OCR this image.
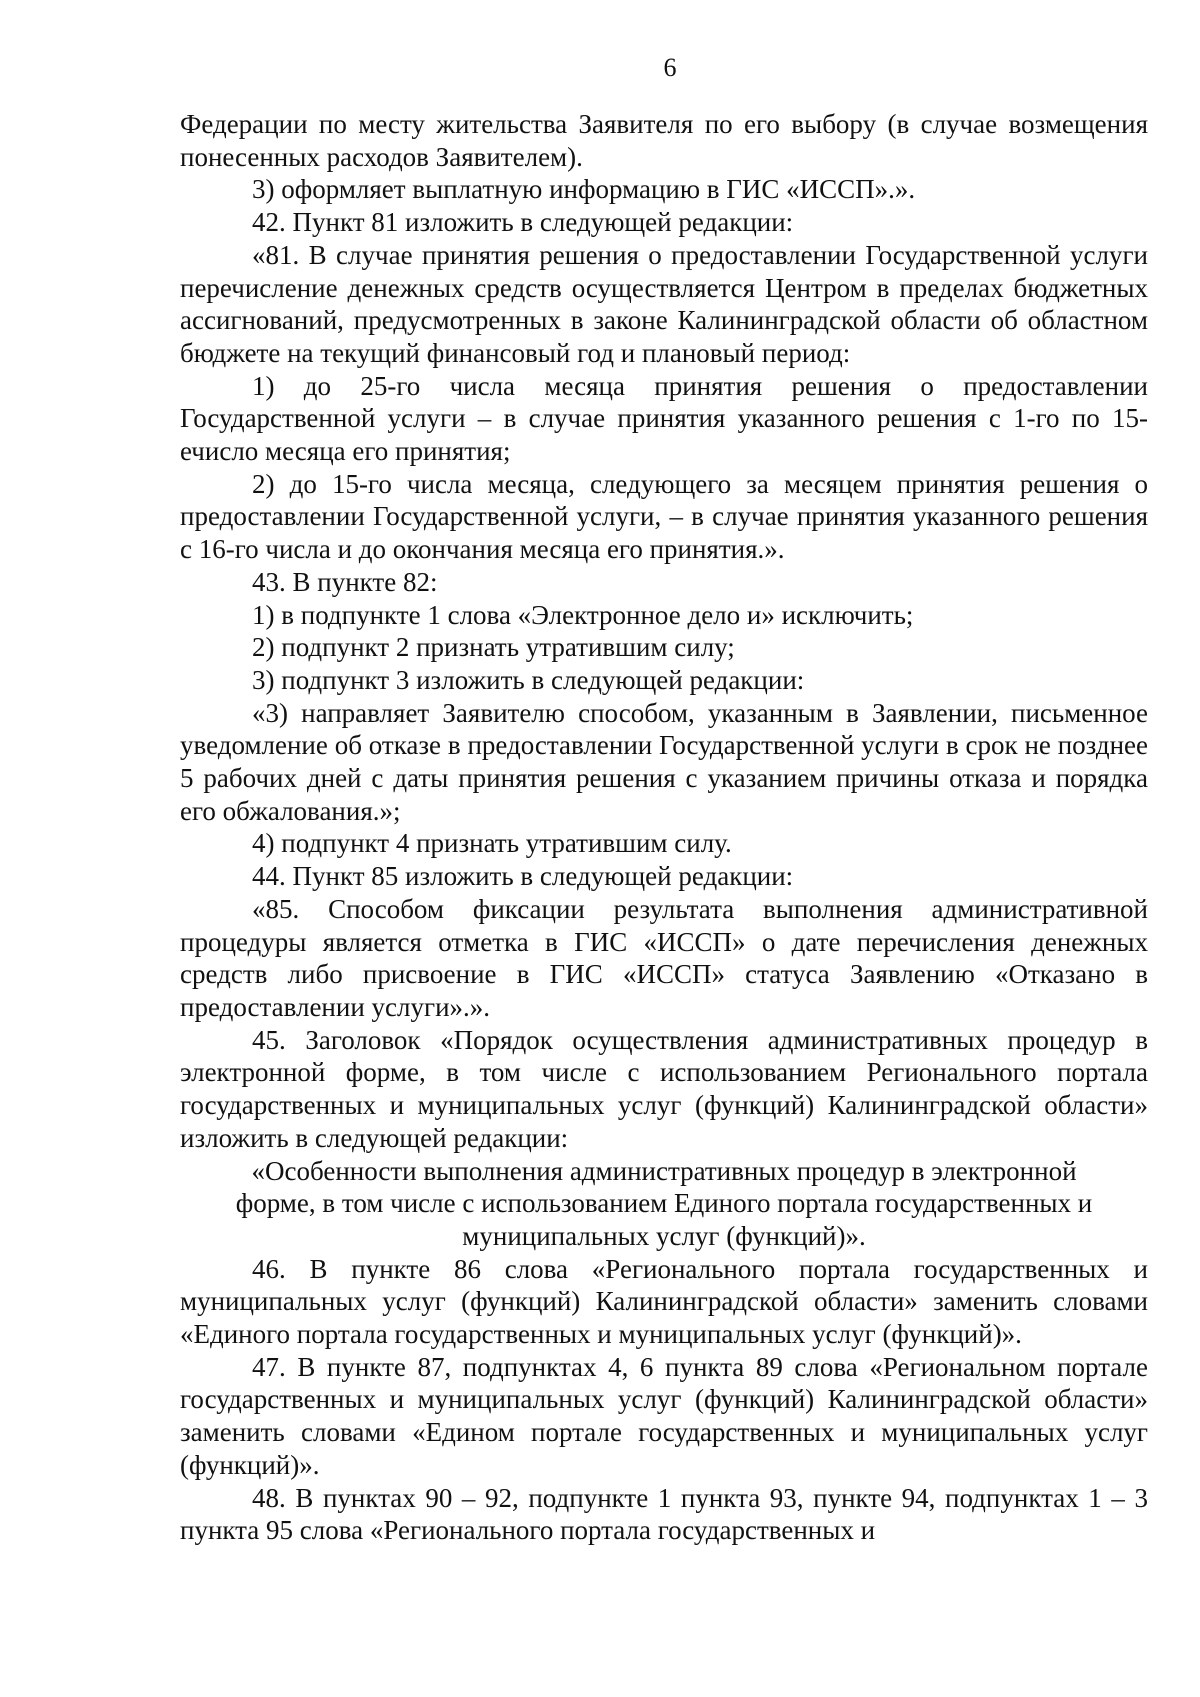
6

Федерации по месту жительства Заявителя по его выбору (в случае возмещения понесенных расходов Заявителем).

3) оформляет выплатную информацию в ГИС «ИССП».».

42. Пункт 81 изложить в следующей редакции:

«81. В случае принятия решения о предоставлении Государственной услуги перечисление денежных средств осуществляется Центром в пределах бюджетных ассигнований, предусмотренных в законе Калининградской области об областном бюджете на текущий финансовый год и плановый период:

1) до 25-го числа месяца принятия решения о предоставлении Государственной услуги – в случае принятия указанного решения с 1-го по 15-ечисло месяца его принятия;

2) до 15-го числа месяца, следующего за месяцем принятия решения о предоставлении Государственной услуги, – в случае принятия указанного решения с 16-го числа и до окончания месяца его принятия.».

43. В пункте 82:

1) в подпункте 1 слова «Электронное дело и» исключить;

2) подпункт 2 признать утратившим силу;

3) подпункт 3 изложить в следующей редакции:

«3) направляет Заявителю способом, указанным в Заявлении, письменное уведомление об отказе в предоставлении Государственной услуги в срок не позднее 5 рабочих дней с даты принятия решения с указанием причины отказа и порядка его обжалования.»;

4) подпункт 4 признать утратившим силу.

44. Пункт 85 изложить в следующей редакции:

«85. Способом фиксации результата выполнения административной процедуры является отметка в ГИС «ИССП» о дате перечисления денежных средств либо присвоение в ГИС «ИССП» статуса Заявлению «Отказано в предоставлении услуги».».

45. Заголовок «Порядок осуществления административных процедур в электронной форме, в том числе с использованием Регионального портала государственных и муниципальных услуг (функций) Калининградской области» изложить в следующей редакции:

«Особенности выполнения административных процедур в электронной форме, в том числе с использованием Единого портала государственных и муниципальных услуг (функций)».

46. В пункте 86 слова «Регионального портала государственных и муниципальных услуг (функций) Калининградской области» заменить словами «Единого портала государственных и муниципальных услуг (функций)».

47. В пункте 87, подпунктах 4, 6 пункта 89 слова «Региональном портале государственных и муниципальных услуг (функций) Калининградской области» заменить словами «Едином портале государственных и муниципальных услуг (функций)».

48. В пунктах 90 – 92, подпункте 1 пункта 93, пункте 94, подпунктах 1 – 3 пункта 95 слова «Регионального портала государственных и
